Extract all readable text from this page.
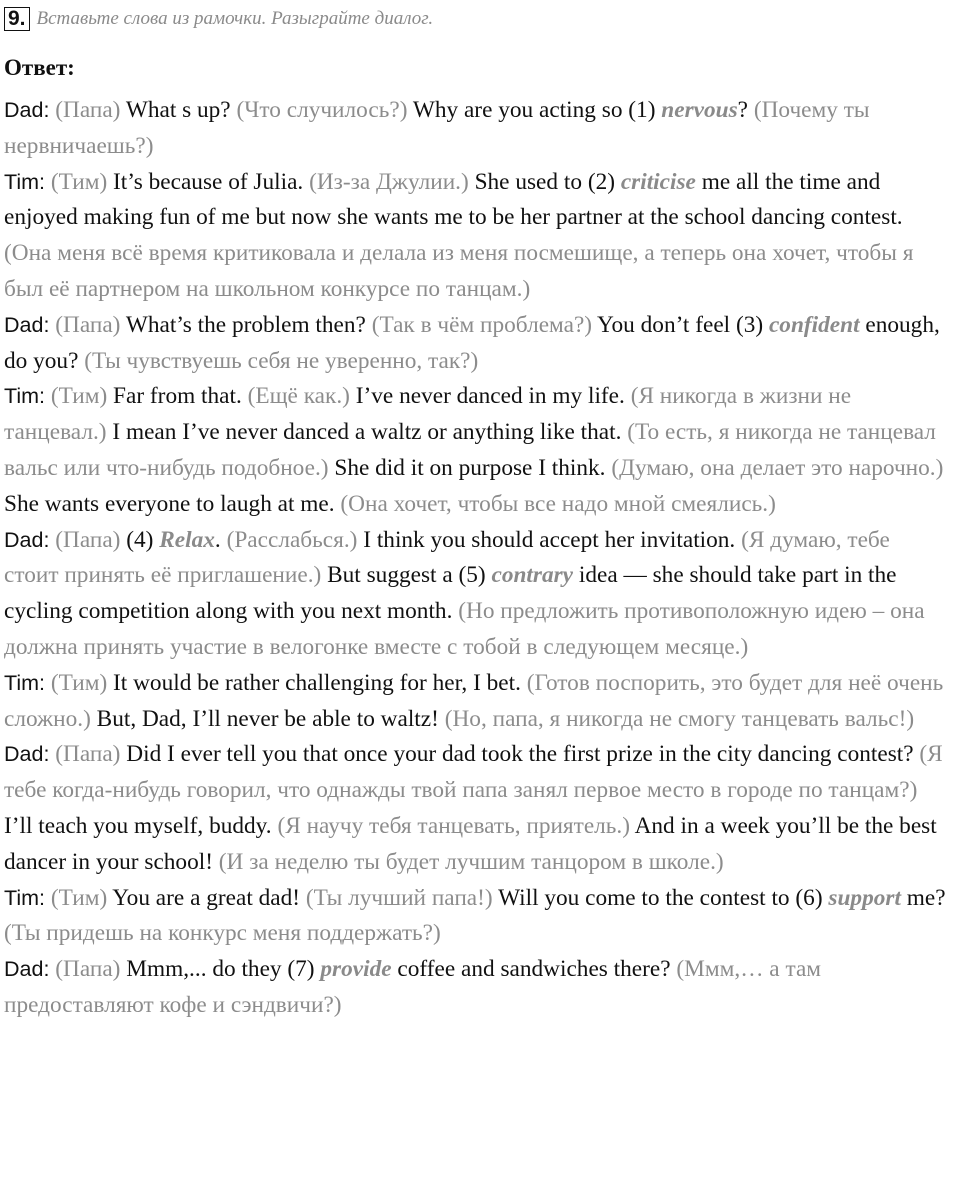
9. Вставьте слова из рамочки. Разыграйте диалог.
Ответ:

Dad: (Папа) What s up? (Что случилось?) Why are you acting so (1) nervous? (Почему ты нервничаешь?)

Tim: (Тим) It’s because of Julia. (Из-за Джулии.) She used to (2) criticise me all the time and enjoyed making fun of me but now she wants me to be her partner at the school dancing contest. (Она меня всё время критиковала и делала из меня посмешище, а теперь она хочет, чтобы я был её партнером на школьном конкурсе по танцам.)

Dad: (Папа) What’s the problem then? (Так в чём проблема?) You don’t feel (3) confident enough, do you? (Ты чувствуешь себя не уверенно, так?)

Tim: (Тим) Far from that. (Ещё как.) I’ve never danced in my life. (Я никогда в жизни не танцевал.) I mean I’ve never danced a waltz or anything like that. (То есть, я никогда не танцевал вальс или что-нибудь подобное.) She did it on purpose I think. (Думаю, она делает это нарочно.) She wants everyone to laugh at me. (Она хочет, чтобы все надо мной смеялись.)

Dad: (Папа) (4) Relax. (Расслабься.) I think you should accept her invitation. (Я думаю, тебе стоит принять её приглашение.) But suggest a (5) contrary idea — she should take part in the cycling competition along with you next month. (Но предложить противоположную идею – она должна принять участие в велогонке вместе с тобой в следующем месяце.)

Tim: (Тим) It would be rather challenging for her, I bet. (Готов поспорить, это будет для неё очень сложно.) But, Dad, I’ll never be able to waltz! (Но, папа, я никогда не смогу танцевать вальс!)

Dad: (Папа) Did I ever tell you that once your dad took the first prize in the city dancing contest? (Я тебе когда-нибудь говорил, что однажды твой папа занял первое место в городе по танцам?) I’ll teach you myself, buddy. (Я научу тебя танцевать, приятель.) And in a week you’ll be the best dancer in your school! (И за неделю ты будет лучшим танцором в школе.)

Tim: (Тим) You are a great dad! (Ты лучший папа!) Will you come to the contest to (6) support me? (Ты придешь на конкурс меня поддержать?)

Dad: (Папа) Mmm,... do they (7) provide coffee and sandwiches there? (Ммм,… а там предоставляют кофе и сэндвичи?)
